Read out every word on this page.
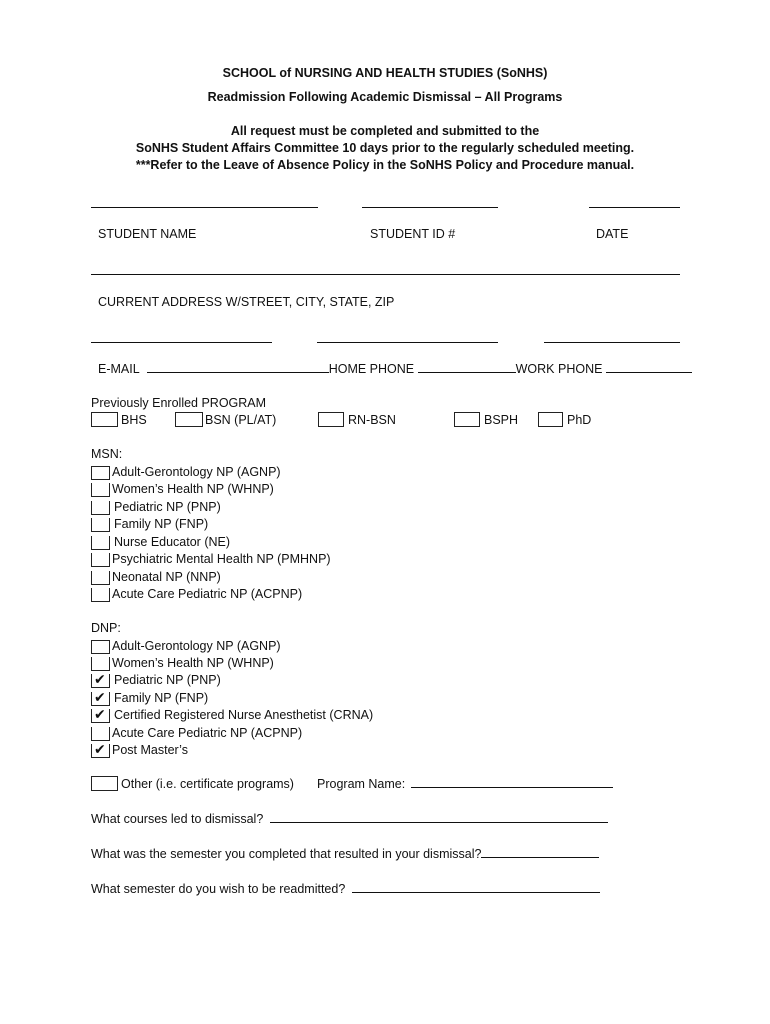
SCHOOL of NURSING AND HEALTH STUDIES (SoNHS)
Readmission Following Academic Dismissal – All Programs
All request must be completed and submitted to the
SoNHS Student Affairs Committee 10 days prior to the regularly scheduled meeting.
***Refer to the Leave of Absence Policy in the SoNHS Policy and Procedure manual.
STUDENT NAME	STUDENT ID #	DATE
CURRENT ADDRESS W/STREET, CITY, STATE, ZIP
E-MAIL	HOME PHONE	WORK PHONE
Previously Enrolled PROGRAM
BHS	BSN (PL/AT)	RN-BSN	BSPH	PhD
MSN:
Adult-Gerontology NP (AGNP)
Women’s Health NP (WHNP)
Pediatric NP (PNP)
Family NP (FNP)
Nurse Educator (NE)
Psychiatric Mental Health NP (PMHNP)
Neonatal NP (NNP)
Acute Care Pediatric NP (ACPNP)
DNP:
Adult-Gerontology NP (AGNP)
Women’s Health NP (WHNP)
✔ Pediatric NP (PNP)
✔ Family NP (FNP)
✔ Certified Registered Nurse Anesthetist (CRNA)
Acute Care Pediatric NP (ACPNP)
✔ Post Master’s
Other (i.e. certificate programs) Program Name:
What courses led to dismissal?
What was the semester you completed that resulted in your dismissal?
What semester do you wish to be readmitted?
